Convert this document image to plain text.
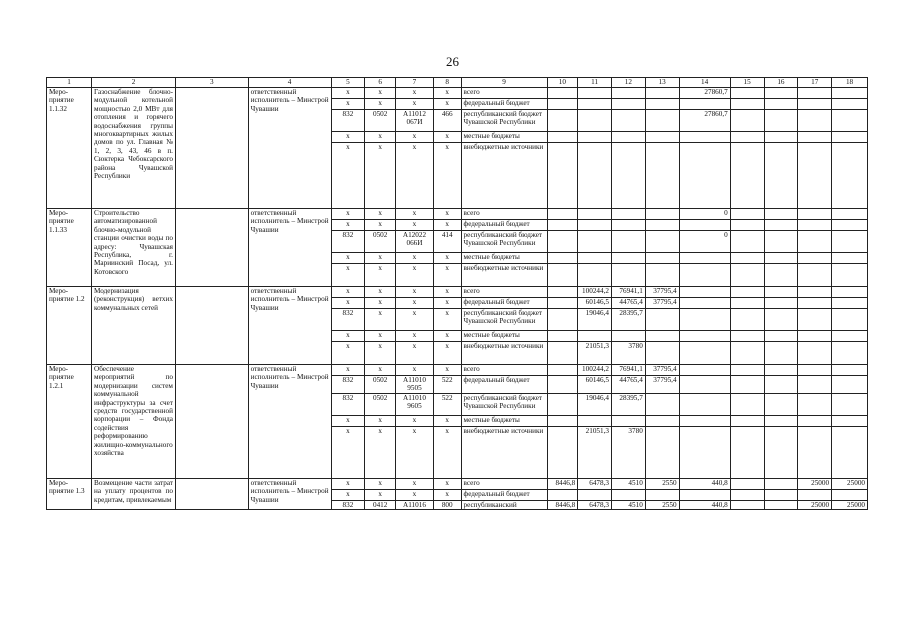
26
1	2	3	4	5	6	7	8	9	10	11	12	13	14	15	16	17	18
Меро-приятие 1.1.32	Газоснабжение блочно-модульной котельной мощностью 2,0 МВт для отопления и горячего водоснабжения группы многоквартирных жилых домов по ул. Главная № 1, 2, 3, 43, 46 в п. Сюктерка Чебоксарского района Чувашской Республики		ответственный исполнитель – Минстрой Чувашии	x	x	x	x	всего					27860,7				
				x	x	x	x	федеральный бюджет									
				832	0502	А11012 067И	466	республиканский бюджет Чувашской Республики					27860,7				
				x	x	x	x	местные бюджеты									
				x	x	x	x	внебюджетные источники									
Меро-приятие 1.1.33	Строительство автоматизированной блочно-модульной станции очистки воды по адресу: Чувашская Республика, г. Мариинский Посад, ул. Котовского		ответственный исполнитель – Минстрой Чувашии	x	x	x	x	всего					0				
				x	x	x	x	федеральный бюджет									
				832	0502	А12022 066И	414	республиканский бюджет Чувашской Республики					0				
				x	x	x	x	местные бюджеты									
				x	x	x	x	внебюджетные источники									
Меро-приятие 1.2	Модернизация (реконструкция) ветхих коммунальных сетей		ответственный исполнитель – Минстрой Чувашии	x	x	x	x	всего		100244,2	76941,1	37795,4					
				x	x	x	x	федеральный бюджет		60146,5	44765,4	37795,4					
				832	x	x	x	республиканский бюджет Чувашской Республики		19046,4	28395,7						
				x	x	x	x	местные бюджеты									
				x	x	x	x	внебюджетные источники		21051,3	3780						
Меро-приятие 1.2.1	Обеспечение мероприятий по модернизации систем коммунальной инфраструктуры за счет средств государственной корпорации – Фонда содействия реформированию жилищно-коммунального хозяйства		ответственный исполнитель – Минстрой Чувашии	x	x	x	x	всего		100244,2	76941,1	37795,4					
				832	0502	А11010 9505	522	федеральный бюджет		60146,5	44765,4	37795,4					
				832	0502	А11010 9605	522	республиканский бюджет Чувашской Республики		19046,4	28395,7						
				x	x	x	x	местные бюджеты									
				x	x	x	x	внебюджетные источники		21051,3	3780						
Меро-приятие 1.3	Возмещение части затрат на уплату процентов по кредитам, привлекаемым		ответственный исполнитель – Минстрой Чувашии	x	x	x	x	всего	8446,8	6478,3	4510	2550	440,8			25000	25000
				x	x	x	x	федеральный бюджет									
				832	0412	А11016	800	республиканский	8446,8	6478,3	4510	2550	440,8			25000	25000
